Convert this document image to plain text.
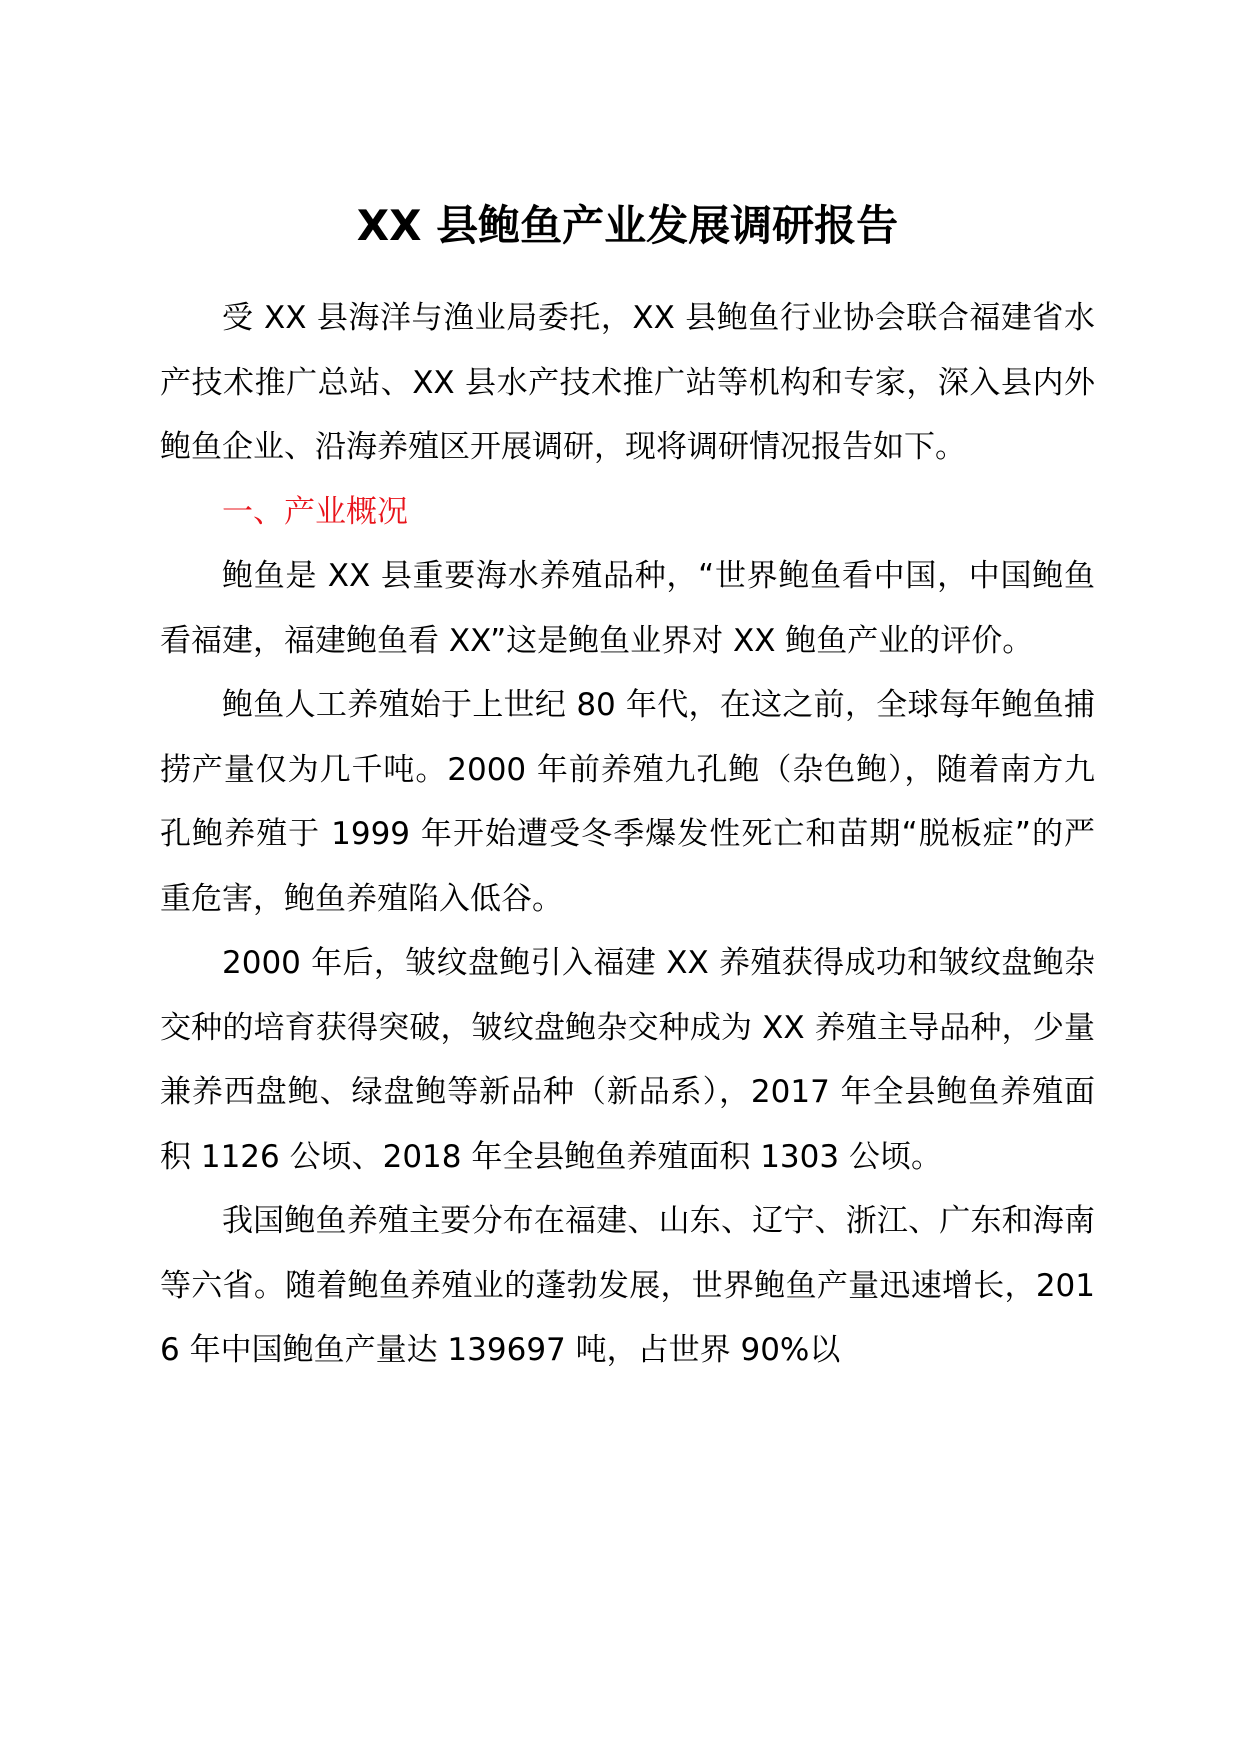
XX 县鲍鱼产业发展调研报告

受 XX 县海洋与渔业局委托，XX 县鲍鱼行业协会联合福建省水产技术推广总站、XX 县水产技术推广站等机构和专家，深入县内外鲍鱼企业、沿海养殖区开展调研，现将调研情况报告如下。

一、产业概况

鲍鱼是 XX 县重要海水养殖品种，“世界鲍鱼看中国，中国鲍鱼看福建，福建鲍鱼看 XX”这是鲍鱼业界对 XX 鲍鱼产业的评价。

鲍鱼人工养殖始于上世纪 80 年代，在这之前，全球每年鲍鱼捕捞产量仅为几千吨。2000 年前养殖九孔鲍（杂色鲍），随着南方九孔鲍养殖于 1999 年开始遭受冬季爆发性死亡和苗期“脱板症”的严重危害，鲍鱼养殖陷入低谷。

2000 年后，皱纹盘鲍引入福建 XX 养殖获得成功和皱纹盘鲍杂交种的培育获得突破，皱纹盘鲍杂交种成为 XX 养殖主导品种，少量兼养西盘鲍、绿盘鲍等新品种（新品系），2017 年全县鲍鱼养殖面积 1126 公顷、2018 年全县鲍鱼养殖面积 1303 公顷。

我国鲍鱼养殖主要分布在福建、山东、辽宁、浙江、广东和海南等六省。随着鲍鱼养殖业的蓬勃发展，世界鲍鱼产量迅速增长，2016 年中国鲍鱼产量达 139697 吨，占世界 90%以
